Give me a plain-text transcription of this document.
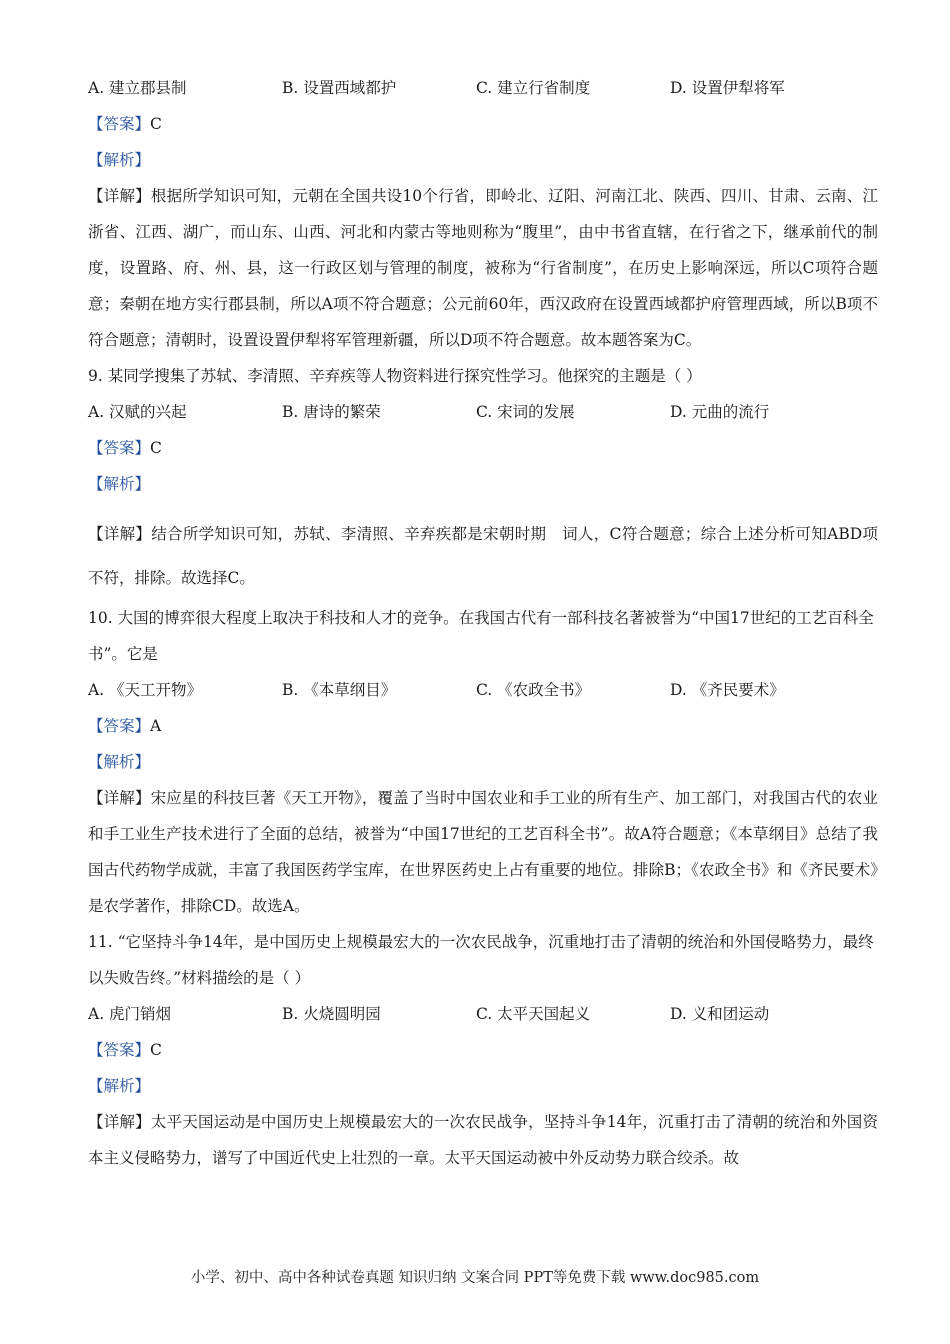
A. 建立郡县制	B. 设置西域都护	C. 建立行省制度	D. 设置伊犁将军
【答案】C
【解析】
【详解】根据所学知识可知，元朝在全国共设10个行省，即岭北、辽阳、河南江北、陕西、四川、甘肃、云南、江浙省、江西、湖广，而山东、山西、河北和内蒙古等地则称为“腹里”，由中书省直辖，在行省之下，继承前代的制度，设置路、府、州、县，这一行政区划与管理的制度，被称为“行省制度”，在历史上影响深远，所以C项符合题意；秦朝在地方实行郡县制，所以A项不符合题意；公元前60年，西汉政府在设置西域都护府管理西域，所以B项不符合题意；清朝时，设置设置伊犁将军管理新疆，所以D项不符合题意。故本题答案为C。
9. 某同学搜集了苏轼、李清照、辛弃疾等人物资料进行探究性学习。他探究的主题是（ ）
A. 汉赋的兴起	B. 唐诗的繁荣	C. 宋词的发展	D. 元曲的流行
【答案】C
【解析】
【详解】结合所学知识可知，苏轼、李清照、辛弃疾都是宋朝时期　词人，C符合题意；综合上述分析可知ABD项不符，排除。故选择C。
10. 大国的博弈很大程度上取决于科技和人才的竞争。在我国古代有一部科技名著被誉为“中国17世纪的工艺百科全书”。它是
A. 《天工开物》	B. 《本草纲目》	C. 《农政全书》	D. 《齐民要术》
【答案】A
【解析】
【详解】宋应星的科技巨著《天工开物》，覆盖了当时中国农业和手工业的所有生产、加工部门，对我国古代的农业和手工业生产技术进行了全面的总结，被誉为“中国17世纪的工艺百科全书”。故A符合题意；《本草纲目》总结了我国古代药物学成就，丰富了我国医药学宝库，在世界医药史上占有重要的地位。排除B；《农政全书》和《齐民要术》是农学著作，排除CD。故选A。
11. “它坚持斗争14年，是中国历史上规模最宏大的一次农民战争，沉重地打击了清朝的统治和外国侵略势力，最终以失败告终。”材料描绘的是（ ）
A. 虎门销烟	B. 火烧圆明园	C. 太平天国起义	D. 义和团运动
【答案】C
【解析】
【详解】太平天国运动是中国历史上规模最宏大的一次农民战争，坚持斗争14年，沉重打击了清朝的统治和外国资本主义侵略势力，谱写了中国近代史上壮烈的一章。太平天国运动被中外反动势力联合绞杀。故
小学、初中、高中各种试卷真题 知识归纳 文案合同 PPT等免费下载 www.doc985.com
